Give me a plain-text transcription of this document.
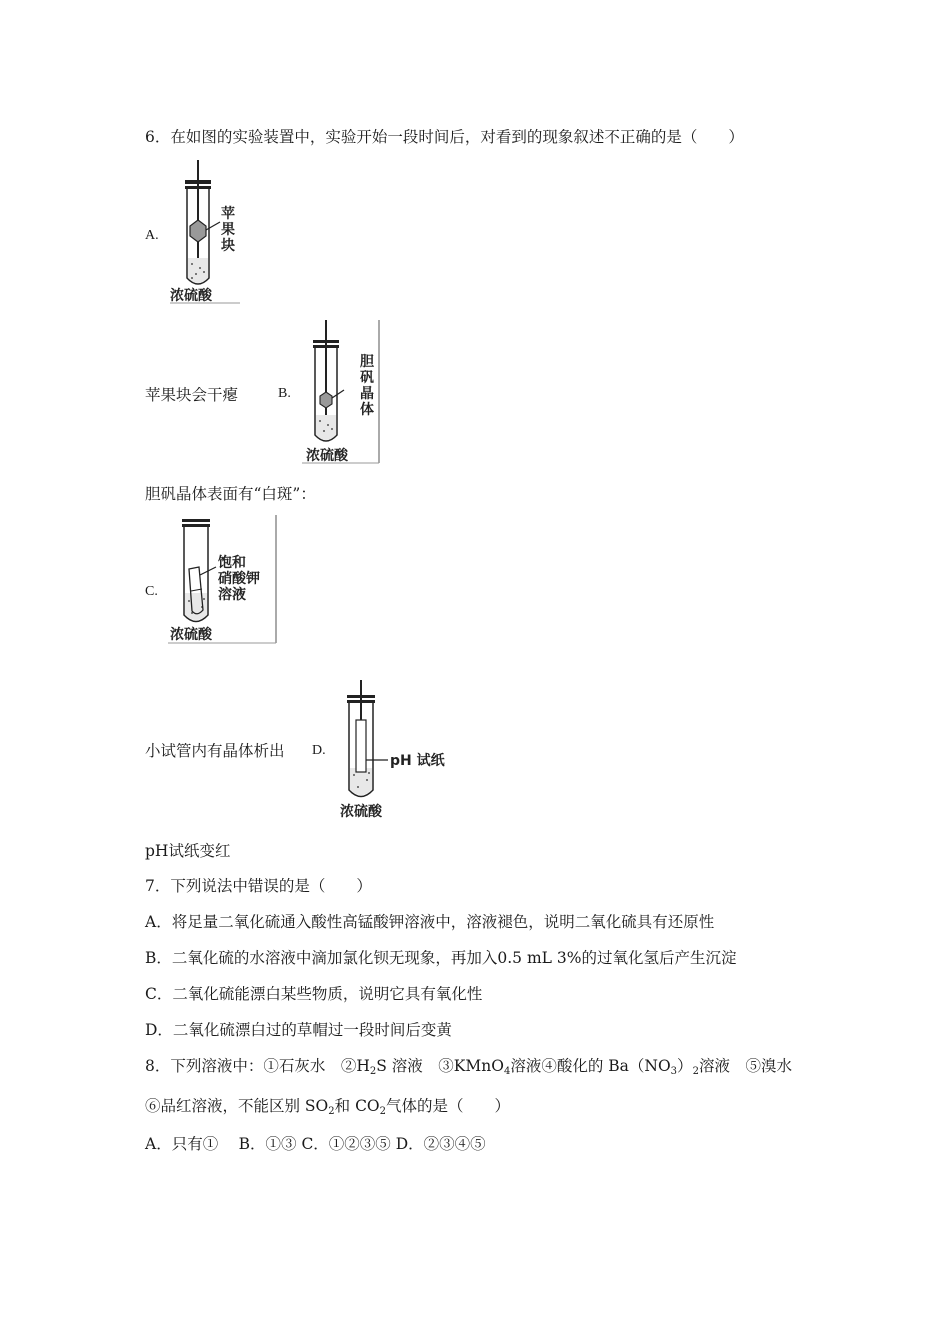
6．在如图的实验装置中，实验开始一段时间后，对看到的现象叙述不正确的是（　　）
A.
苹
果
块
浓硫酸
苹果块会干瘪	B.
胆
矾
晶
体
浓硫酸
胆矾晶体表面有“白斑”：
C.
饱和
硝酸钾
溶液
浓硫酸
小试管内有晶体析出 D.
pH 试纸
浓硫酸
pH试纸变红
7．下列说法中错误的是（　　）
A．将足量二氧化硫通入酸性高锰酸钾溶液中，溶液褪色，说明二氧化硫具有还原性
B．二氧化硫的水溶液中滴加氯化钡无现象，再加入0.5 mL 3%的过氧化氢后产生沉淀
C．二氧化硫能漂白某些物质，说明它具有氧化性
D．二氧化硫漂白过的草帽过一段时间后变黄
8．下列溶液中：①石灰水　$②H_2S$ 溶液　③KMnO$_4$溶液④酸化的 $Ba(NO_3)_2$溶液　⑤溴水
⑥品红溶液，不能区别 $SO_2$和 $CO_2$气体的是（　　）
A．只有①　 B．①③ C．①②③⑤ D．②③④⑤
